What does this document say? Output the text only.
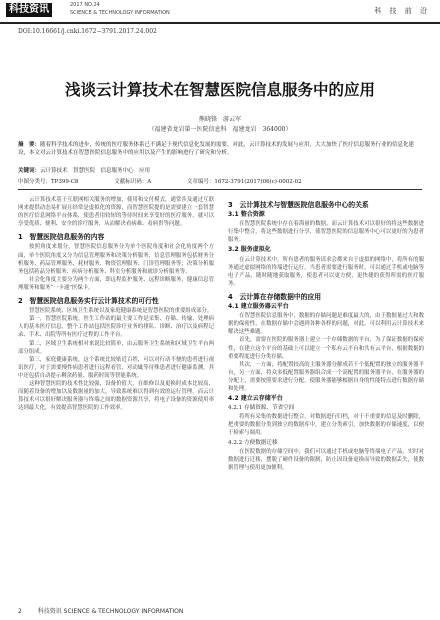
科技资讯	2017 NO.24
SCIENCE & TECHNOLOGY INFORMATION	科 技 前 沿
DOI:10.16661/j.cnki.1672−3791.2017.24.002
浅谈云计算技术在智慧医院信息服务中的应用
熊晓锋　游云军
（福建省龙岩第一医院信息科　福建龙岩　364000）
摘　要：随着科学技术的进步，传统的医疗服务体系已不满足于现代信息化发展的需要，对此，云计算技术的发展与应用，大大加快了医疗信息服务行业的信息化建设，本文对云计算技术在智慧医院信息服务中的应用以及产生的影响进行了研究和分析。
关键词：云计算技术　智慧医院　信息服务中心　应用
中图分类号：TP399-C8	文献标识码：A	文章编号：1672-3791(2017)06(c)-0002-02

云计算技术基于互联网相关服务的增加，使用和交付模式，通常涉及通过互联网来提供动态易扩展且经常是虚拟化的资源，而智慧医院提的是需要建立一套智慧的医疗信息网络平台体系，使患者用较短的等待时间来享受好的医疗服务，就可以享受优质、便利、安全的诊疗服务，从而解决看病难、看病贵等问题。

1　智慧医院信息服务的内容

按照角度来划分，智慧医院信息服务分为单个医院角度和社会化角度两个方面，单个医院角度又分为信息管理服务和决策分析服务，信息管理服务包括财务分析服务、药品管理服务、耗材服务、物资管理服务、门诊管理服务等；决策分析服务包括药品分析服务、疾病分析服务、科室分析服务和就诊分析服务等。

社会化角度主要分为两个方面，即远程监护服务、远程诊断服务，健康信息管理服务和服务“一卡通”医保卡。

2　智慧医院信息服务实行云计算技术的可行性

智慧医院系统、区域卫生系统以及家庭健康系统是智慧医院的重要组成部分。

第一，智慧医院系统，医生工作站的最主要工作是采集、存储、传输、处理病人的基本医疗信息，整个工作站包括医院诊疗业务的排队、诊断、治疗以及病程记录、手术、出院等所有医疗过程的工作平台。

第二，区域卫生系统相对来说比较简单，由云服务卫生系统和区域卫生平台两部分组成。

第三，家庭健康系统，这个系统比较贴近百姓，可以对行动不便的患者进行视讯医疗，对于需要慢性病患者进行远程看管，对动辄等待殊患者进行健康监测，其中还包括自动提示剩余药量、服药时间等智能系统。

这种智慧医院的技术性比较强，设备价值大，在维修以及更换时成本比较高，而随着设备的增加以及数据量的加大，导致系统难以得到有效的运行管理，而云计算技术可以很好解决服务器与终端之间的数据资源共享，将电子设备的资源使用率达到最大化，有效提高智慧医院的工作效率。

3　云计算技术与智慧医院信息服务中心的关系
3.1 整合资源

在智慧医院系统中存在着海量的数据，而云计算技术可以很好的将这些数据进行集中整合，将这些数据进行分享，使智慧医院的信息服务中心可以更好的为患者服务。

3.2 服务虚拟化

在云计算技术中，所有患者的服务请求会都来自于虚拟的网络中，将所有的服务通过虚拟网络的终端进行运行，当患者需要进行服务时，可以通过手机或电脑等电子产品，随时随地获取服务，使患者可以更方便，更快捷的获得所需的医疗服务。

4　云计算在存储数据中的应用
4.1 建立服务器云平台

在智慧医院信息服务中，数据的存储问题是难度最大的，由于数据量过大和数据的保密性，在数据存储中会遇到各种各样的问题，对此，可以利用云计算技术来解决这些难题。

首先，需要在医院的服务器上建立一个存储数据的平台，为了保证数据的保密性，在建立这个平台的基础上可以建立一个私有云平台和共有云平台，根据数据的重要程度进行分类存储。

其次，一方面，将配置较高的主服务器分解成若干个低配置的独立的服务器平台，另一方面，将众多低配置服务器组合成一个高配置的服务器平台，在服务器的分配上，需要按照要求进行分配，使服务器能够根据自身的性能特点进行数据存储和处理。

4.2 建立云存储平台
4.2.1 存储资源、节省空间

将所有采集的数据进行整合，对数据进行归档，对于不重要的信息及时删除，把重要的数据分类到独立的数据库中，建立分类索引，加快数据的存储速度，以便于检索与调用。

4.2.2 方便数据迁移

在医院数据的存储空间中，我们可以通过手机或电脑等终端电子产品，实时对数据进行迁移，摆脱了硬件设备的限制，防止因设备更换而导致的数据丢失，使数据管理与使用更加便利。

2	科技资讯 SCIENCE & TECHNOLOGY INFORMATION
